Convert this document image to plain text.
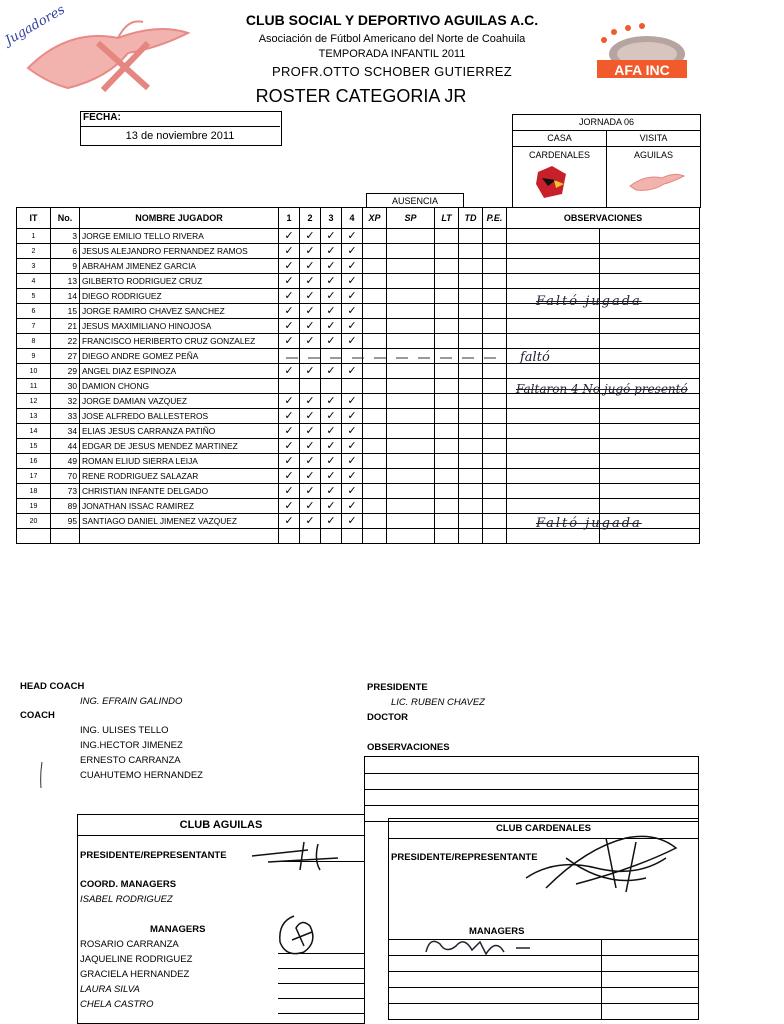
Jugadores
AFA INC
CLUB SOCIAL Y DEPORTIVO AGUILAS A.C.
Asociación de Fútbol Americano del Norte de Coahuila
TEMPORADA INFANTIL 2011
PROFR.OTTO SCHOBER GUTIERREZ
ROSTER CATEGORIA JR
FECHA:
13 de noviembre 2011
JORNADA 06
CASA	VISITA
CARDENALES	AGUILAS
AUSENCIA
IT	No.	NOMBRE JUGADOR	1	2	3	4	XP	SP	LT	TD	P.E.	OBSERVACIONES	
1	3	JORGE EMILIO TELLO RIVERA	✓	✓	✓	✓							
2	6	JESUS ALEJANDRO FERNANDEZ RAMOS	✓	✓	✓	✓							
3	9	ABRAHAM JIMENEZ GARCIA	✓	✓	✓	✓							
4	13	GILBERTO RODRIGUEZ CRUZ	✓	✓	✓	✓							
5	14	DIEGO RODRIGUEZ	✓	✓	✓	✓							
6	15	JORGE RAMIRO CHAVEZ SANCHEZ	✓	✓	✓	✓							
7	21	JESUS MAXIMILIANO HINOJOSA	✓	✓	✓	✓							
8	22	FRANCISCO HERIBERTO CRUZ GONZALEZ	✓	✓	✓	✓							
9	27	DIEGO ANDRE GOMEZ PEÑA											
10	29	ANGEL DIAZ ESPINOZA	✓	✓	✓	✓							
11	30	DAMION CHONG											
12	32	JORGE DAMIAN VAZQUEZ	✓	✓	✓	✓							
13	33	JOSE ALFREDO BALLESTEROS	✓	✓	✓	✓							
14	34	ELIAS JESUS CARRANZA PATIÑO	✓	✓	✓	✓							
15	44	EDGAR DE JESUS MENDEZ MARTINEZ	✓	✓	✓	✓							
16	49	ROMAN ELIUD SIERRA LEIJA	✓	✓	✓	✓							
17	70	RENE RODRIGUEZ SALAZAR	✓	✓	✓	✓							
18	73	CHRISTIAN INFANTE DELGADO	✓	✓	✓	✓							
19	89	JONATHAN ISSAC RAMIREZ	✓	✓	✓	✓							
20	95	SANTIAGO DANIEL JIMENEZ VAZQUEZ	✓	✓	✓	✓							

Faltó jugada
faltó
Faltaron 4 No jugó presentó
Faltó jugada
HEAD COACH
ING. EFRAIN GALINDO
COACH
ING. ULISES TELLO
ING.HECTOR JIMENEZ
ERNESTO CARRANZA
CUAHUTEMO HERNANDEZ
PRESIDENTE
LIC. RUBEN CHAVEZ
DOCTOR
OBSERVACIONES
CLUB AGUILAS
PRESIDENTE/REPRESENTANTE
COORD. MANAGERS
ISABEL RODRIGUEZ
MANAGERS
ROSARIO CARRANZA
JAQUELINE RODRIGUEZ
GRACIELA HERNANDEZ
LAURA SILVA
CHELA CASTRO
CLUB CARDENALES
PRESIDENTE/REPRESENTANTE
MANAGERS
